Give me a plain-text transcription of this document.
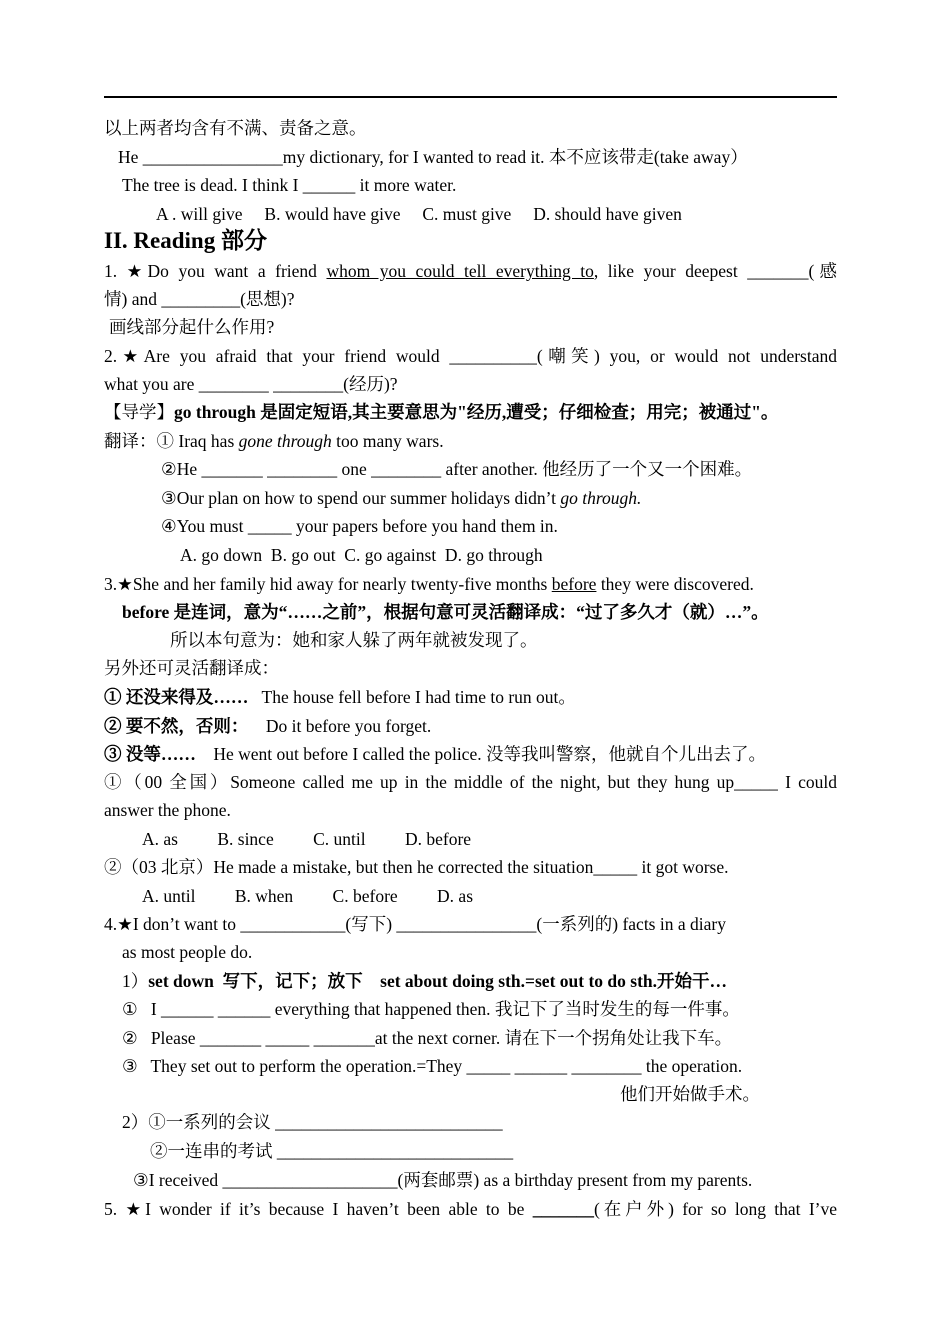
以上两者均含有不满、责备之意。
He ________________my dictionary, for I wanted to read it. 本不应该带走(take away）
The tree is dead. I think I ______ it more water.
A . will give     B. would have give     C. must give     D. should have given
II. Reading 部分
1. ★Do you want a friend whom you could tell everything to, like your deepest _______(感
情) and _________(思想)?
画线部分起什么作用?
2.★Are you afraid that your friend would __________(嘲笑) you, or would not understand
what you are ________ ________(经历)?
【导学】go through 是固定短语,其主要意思为"经历,遭受；仔细检查；用完；被通过"。
翻译：① Iraq has gone through too many wars.
②He _______ ________ one ________ after another. 他经历了一个又一个困难。
③Our plan on how to spend our summer holidays didn’t go through.
④You must _____ your papers before you hand them in.
A. go down  B. go out  C. go against  D. go through
3.★She and her family hid away for nearly twenty-five months before they were discovered.
before 是连词，意为“……之前”，根据句意可灵活翻译成：“过了多久才（就）…”。
所以本句意为：她和家人躲了两年就被发现了。
另外还可灵活翻译成：
① 还没来得及……   The house fell before I had time to run out。
② 要不然，否则：    Do it before you forget.
③ 没等……    He went out before I called the police. 没等我叫警察，他就自个儿出去了。
①（00 全国）Someone called me up in the middle of the night, but they hung up_____ I could
answer the phone.
A. as         B. since         C. until         D. before
②（03 北京）He made a mistake, but then he corrected the situation_____ it got worse.
A. until         B. when         C. before         D. as
4.★I don’t want to ____________(写下) ________________(一系列的) facts in a diary
as most people do.
1）set down  写下，记下；放下    set about doing sth.=set out to do sth.开始干…
①   I ______ ______ everything that happened then. 我记下了当时发生的每一件事。
②   Please _______ _____ _______at the next corner. 请在下一个拐角处让我下车。
③   They set out to perform the operation.=They _____ ______ ________ the operation.
他们开始做手术。
2）①一系列的会议 __________________________
②一连串的考试 ___________________________
③I received ____________________(两套邮票) as a birthday present from my parents.
5. ★I wonder if it’s because I haven’t been able to be _______(在户外) for so long that I’ve
